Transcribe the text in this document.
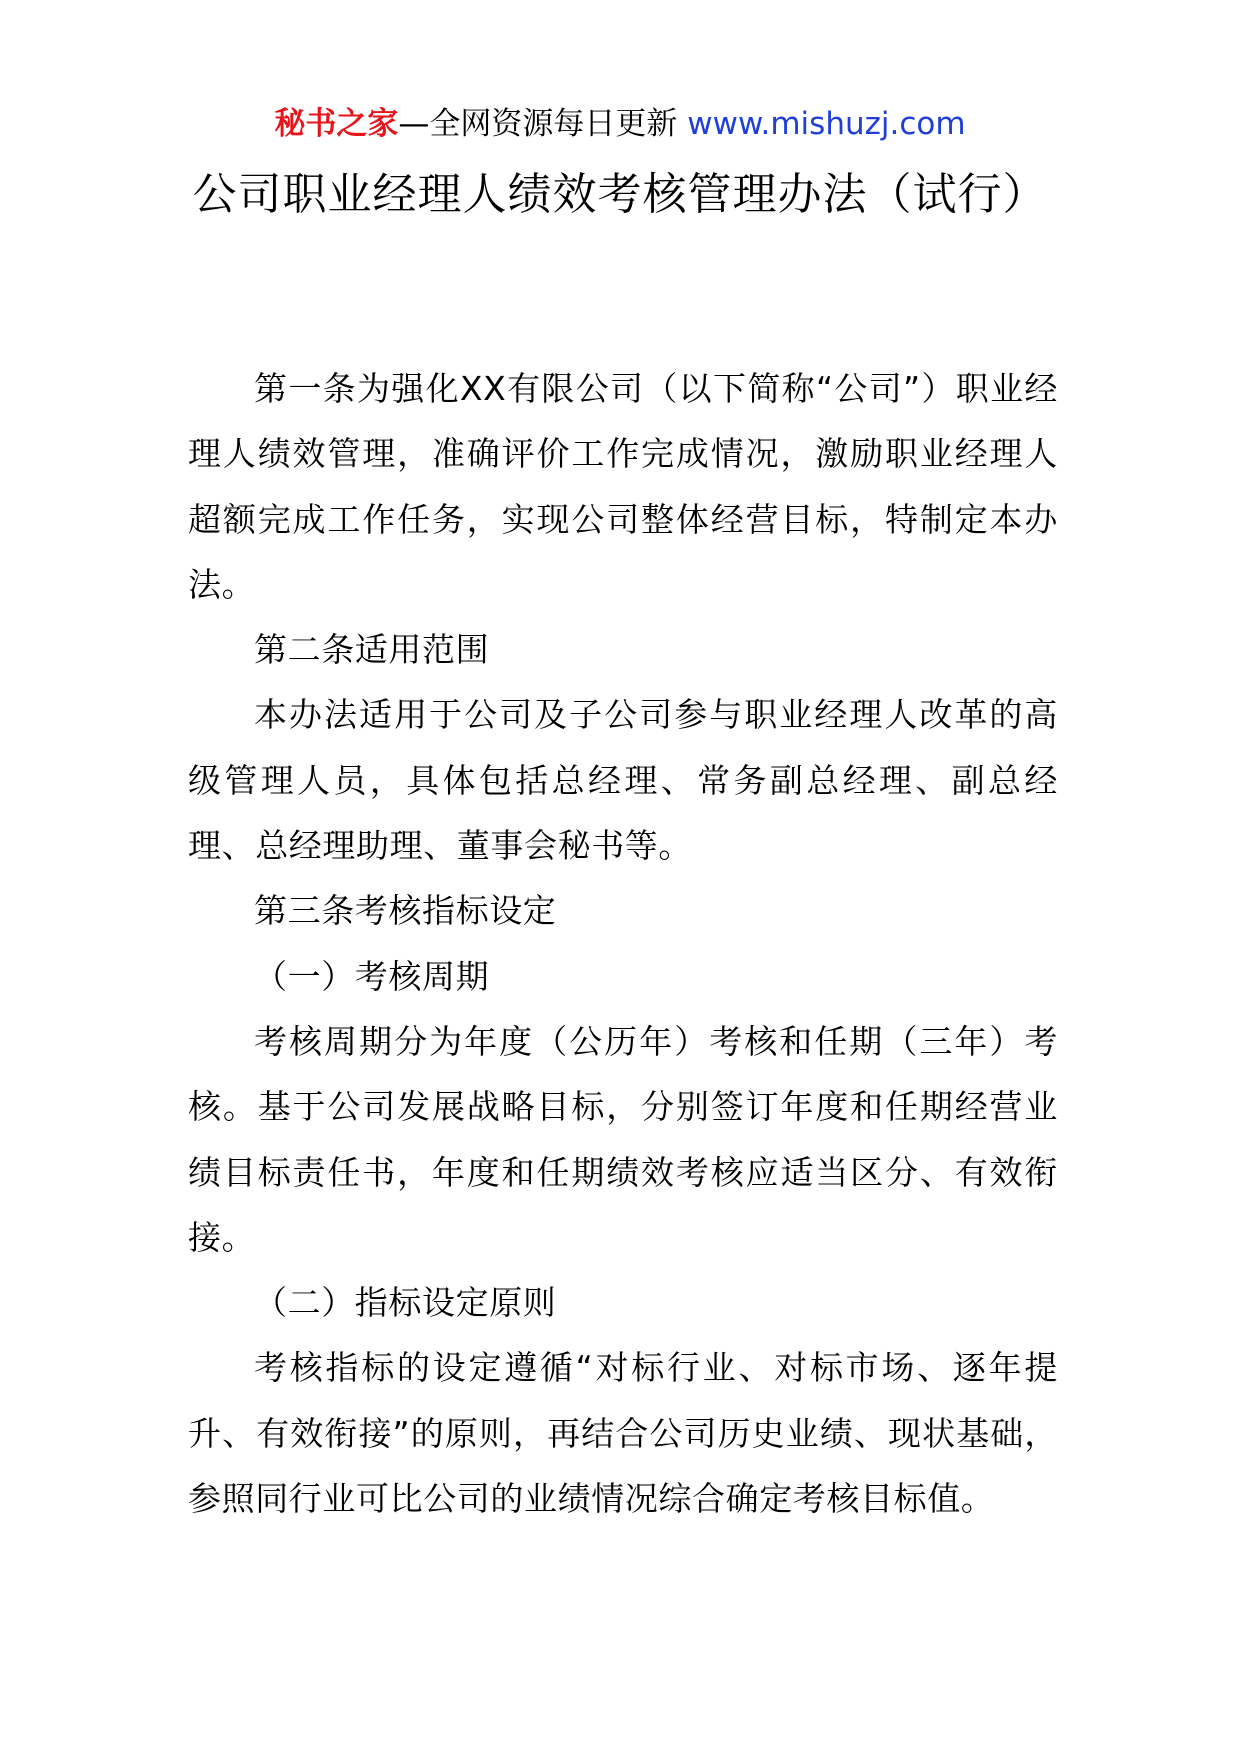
秘书之家—全网资源每日更新 www.mishuzj.com
公司职业经理人绩效考核管理办法（试行）

第一条为强化XX有限公司（以下简称“公司”）职业经理人绩效管理，准确评价工作完成情况，激励职业经理人超额完成工作任务，实现公司整体经营目标，特制定本办法。

第二条适用范围

本办法适用于公司及子公司参与职业经理人改革的高级管理人员，具体包括总经理、常务副总经理、副总经理、总经理助理、董事会秘书等。

第三条考核指标设定

（一）考核周期

考核周期分为年度（公历年）考核和任期（三年）考核。基于公司发展战略目标，分别签订年度和任期经营业绩目标责任书，年度和任期绩效考核应适当区分、有效衔接。

（二）指标设定原则

考核指标的设定遵循“对标行业、对标市场、逐年提升、有效衔接”的原则，再结合公司历史业绩、现状基础，参照同行业可比公司的业绩情况综合确定考核目标值。
